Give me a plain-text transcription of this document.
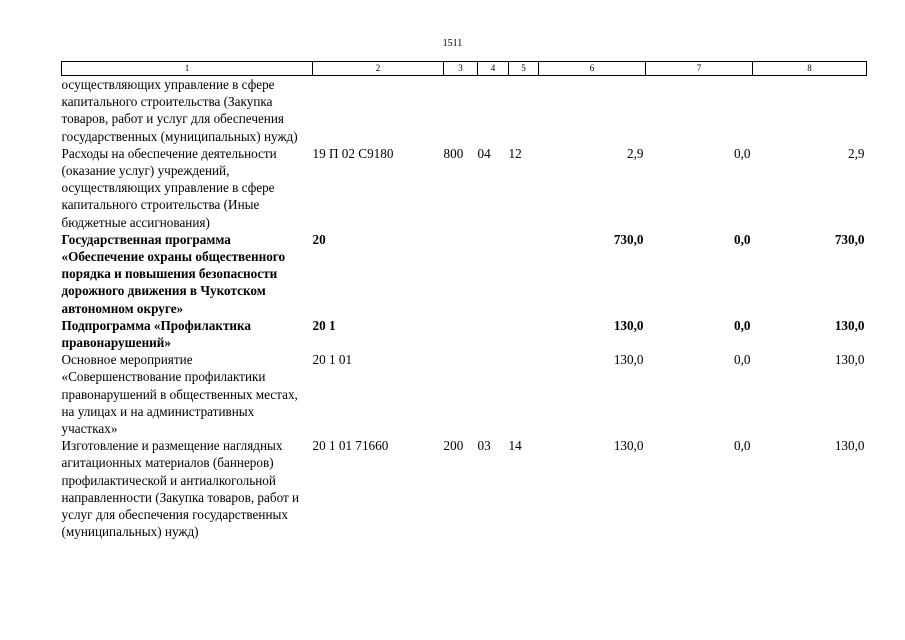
1511
1	2	3	4	5	6	7	8
осуществляющих управление в сфере капитального строительства (Закупка товаров, работ и услуг для обеспечения государственных (муниципальных) нужд)							
Расходы на обеспечение деятельности (оказание услуг) учреждений, осуществляющих управление в сфере капитального строительства (Иные бюджетные ассигнования)	19 П 02 С9180	800	04	12	2,9	0,0	2,9
Государственная программа «Обеспечение охраны общественного порядка и повышения безопасности дорожного движения в Чукотском автономном округе»	20				730,0	0,0	730,0
Подпрограмма «Профилактика правонарушений»	20 1				130,0	0,0	130,0
Основное мероприятие «Совершенствование профилактики правонарушений в общественных местах, на улицах и на административных участках»	20 1 01				130,0	0,0	130,0
Изготовление и размещение наглядных агитационных материалов (баннеров) профилактической и антиалкогольной направленности (Закупка товаров, работ и услуг для обеспечения государственных (муниципальных) нужд)	20 1 01 71660	200	03	14	130,0	0,0	130,0
